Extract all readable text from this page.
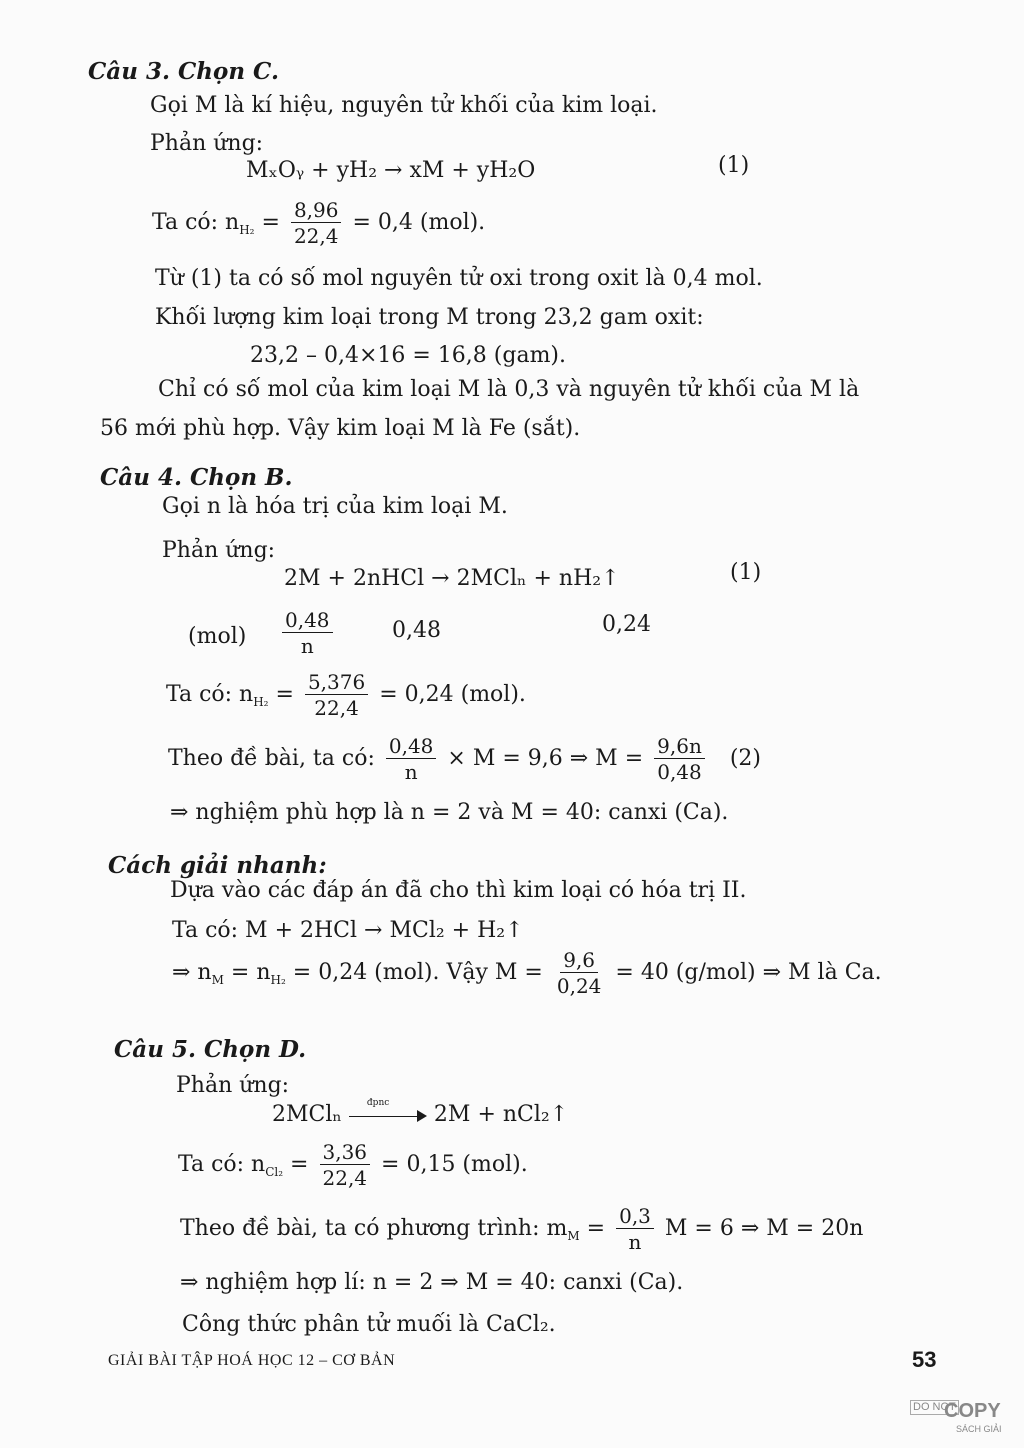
Câu 3. Chọn C.
Gọi M là kí hiệu, nguyên tử khối của kim loại.
Phản ứng:
MₓOᵧ + yH₂ → xM + yH₂O	(1)
Ta có: $n_{H_2} = \frac{8,96}{22,4} = 0,4$ (mol).
Từ (1) ta có số mol nguyên tử oxi trong oxit là 0,4 mol.
Khối lượng kim loại trong M trong 23,2 gam oxit:
23,2 – 0,4×16 = 16,8 (gam).
Chỉ có số mol của kim loại M là 0,3 và nguyên tử khối của M là
56 mới phù hợp. Vậy kim loại M là Fe (sắt).
Câu 4. Chọn B.
Gọi n là hóa trị của kim loại M.
Phản ứng:
2M + 2nHCl → 2MClₙ + nH₂↑	(1)
$(mol) \frac{0,48}{n}$	0,48	0,24
Ta có: $n_{H_2} = \frac{5,376}{22,4} = 0,24$ (mol).
Theo đề bài, ta có: $\frac{0,48}{n} \times M = 9,6$ ⇒ $M = \frac{9,6n}{0,48} (2)$
⇒ nghiệm phù hợp là n = 2 và M = 40: canxi (Ca).
Cách giải nhanh:
Dựa vào các đáp án đã cho thì kim loại có hóa trị II.
Ta có: M + 2HCl → MCl₂ + H₂↑
⇒ $n_M = n_{H_2} = 0,24$ (mol). Vậy $M = \frac{9,6}{0,24} = 40$ (g/mol) ⇒ M là Ca.
Câu 5. Chọn D.
Phản ứng:
2MClₙ	đpnc 2M + nCl₂↑
Ta có: $n_{Cl_2} = \frac{3,36}{22,4} = 0,15$ (mol).
Theo đề bài, ta có phương trình: $m_M = \frac{0,3}{n}$ M = 6 ⇒ M = 20n
⇒ nghiệm hợp lí: n = 2 ⇒ M = 40: canxi (Ca).
Công thức phân tử muối là CaCl₂.
GIẢI BÀI TẬP HOÁ HỌC 12 – CƠ BẢN	53
DO NOT
COPY
SÁCH GIẢI
